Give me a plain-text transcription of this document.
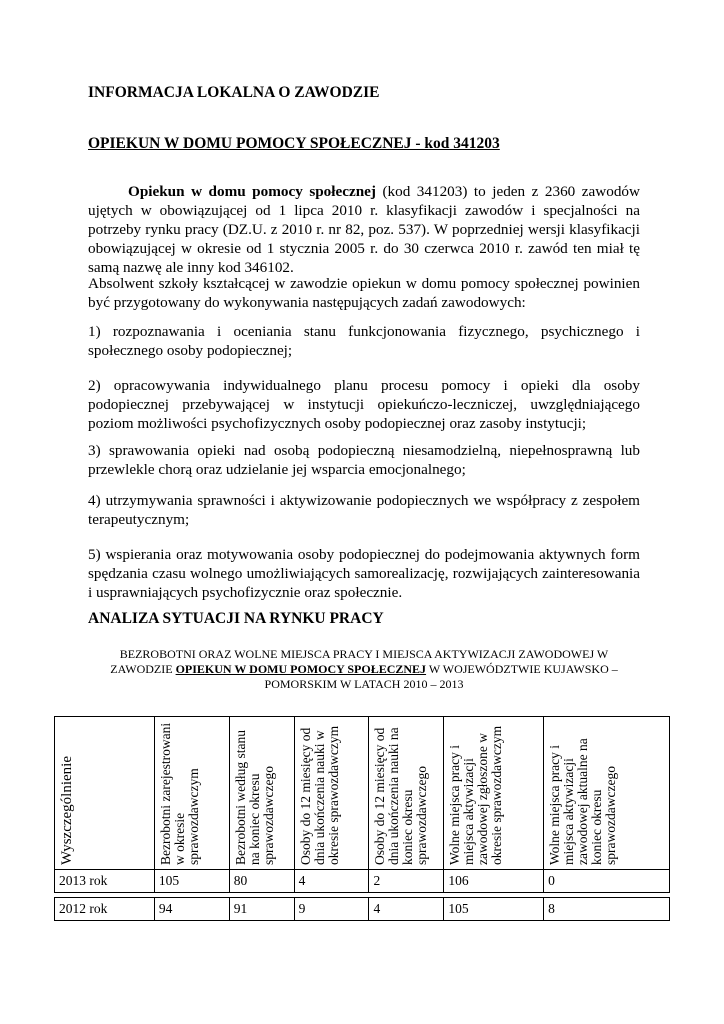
INFORMACJA LOKALNA O ZAWODZIE
OPIEKUN W DOMU POMOCY SPOŁECZNEJ - kod 341203
Opiekun w domu pomocy społecznej (kod 341203) to jeden z 2360 zawodów ujętych w obowiązującej od 1 lipca 2010 r. klasyfikacji zawodów i specjalności na potrzeby rynku pracy (DZ.U. z 2010 r. nr 82, poz. 537). W poprzedniej wersji klasyfikacji obowiązującej w okresie od 1 stycznia 2005 r. do 30 czerwca 2010 r. zawód ten miał tę samą nazwę ale inny kod 346102.
Absolwent szkoły kształcącej w zawodzie opiekun w domu pomocy społecznej powinien być przygotowany do wykonywania następujących zadań zawodowych:
1) rozpoznawania i oceniania stanu funkcjonowania fizycznego, psychicznego i społecznego osoby podopiecznej;
2) opracowywania indywidualnego planu procesu pomocy i opieki dla osoby podopiecznej przebywającej w instytucji opiekuńczo-leczniczej, uwzględniającego poziom możliwości psychofizycznych osoby podopiecznej oraz zasoby instytucji;
3) sprawowania opieki nad osobą podopieczną niesamodzielną, niepełnosprawną lub przewlekle chorą oraz udzielanie jej wsparcia emocjonalnego;
4) utrzymywania sprawności i aktywizowanie podopiecznych we współpracy z zespołem terapeutycznym;
5) wspierania oraz motywowania osoby podopiecznej do podejmowania aktywnych form spędzania czasu wolnego umożliwiających samorealizację, rozwijających zainteresowania i usprawniających psychofizycznie oraz społecznie.
ANALIZA SYTUACJI NA RYNKU PRACY
BEZROBOTNI ORAZ WOLNE MIEJSCA PRACY I MIEJSCA AKTYWIZACJI ZAWODOWEJ W ZAWODZIE OPIEKUN W DOMU POMOCY SPOŁECZNEJ W WOJEWÓDZTWIE KUJAWSKO – POMORSKIM W LATACH 2010 – 2013
Wyszczególnienie	Bezrobotni zarejestrowani w okresie sprawozdawczym	Bezrobotni według stanu na koniec okresu sprawozdawczego	Osoby do 12 miesięcy od dnia ukończenia nauki w okresie sprawozdawczym	Osoby do 12 miesięcy od dnia ukończenia nauki na koniec okresu sprawozdawczego	Wolne miejsca pracy i miejsca aktywizacji zawodowej zgłoszone w okresie sprawozdawczym	Wolne miejsca pracy i miejsca aktywizacji zawodowej aktualne na koniec okresu sprawozdawczego

2013 rok	105	80	4	2	106	0

2012 rok	94	91	9	4	105	8
